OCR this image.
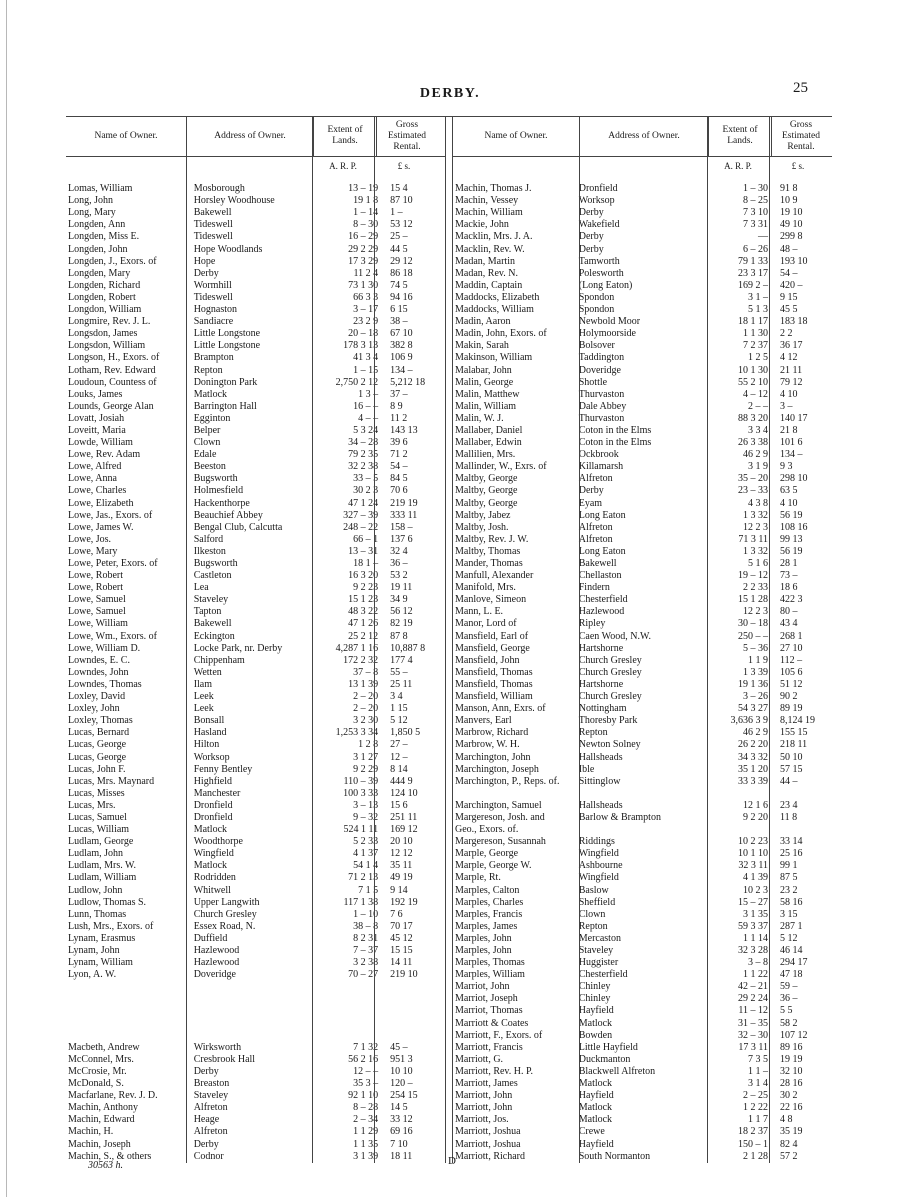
DERBY.	25
Name of Owner.	Address of Owner.
Extent of Lands.
Gross Estimated Rental.
A. R. P.	£ s.
Lomas, William	Mosborough	13 – 19	15 4
Long, John	Horsley Woodhouse	19 1 8	87 10
Long, Mary	Bakewell	1 – 14	1 –
Longden, Ann	Tideswell	8 – 30	53 12
Longden, Miss E.	Tideswell	16 – 29	25 –
Longden, John	Hope Woodlands	29 2 29	44 5
Longden, J., Exors. of	Hope	17 3 29	29 12
Longden, Mary	Derby	11 2 4	86 18
Longden, Richard	Wormhill	73 1 30	74 5
Longden, Robert	Tideswell	66 3 3	94 16
Longdon, William	Hognaston	3 – 17	6 15
Longmire, Rev. J. L.	Sandiacre	23 2 9	38 –
Longsdon, James	Little Longstone	20 – 18	67 10
Longsdon, William	Little Longstone	178 3 13	382 8
Longson, H., Exors. of	Brampton	41 3 4	106 9
Lotham, Rev. Edward	Repton	1 – 15	134 –
Loudoun, Countess of	Donington Park	2,750 2 12	5,212 18
Louks, James	Matlock	1 3 –	37 –
Lounds, George Alan	Barrington Hall	16 – –	8 9
Lovatt, Josiah	Egginton	4 – –	11 2
Loveitt, Maria	Belper	5 3 24	143 13
Lowde, William	Clown	34 – 28	39 6
Lowe, Rev. Adam	Edale	79 2 35	71 2
Lowe, Alfred	Beeston	32 2 38	54 –
Lowe, Anna	Bugsworth	33 – 5	84 5
Lowe, Charles	Holmesfield	30 2 3	70 6
Lowe, Elizabeth	Hackenthorpe	47 1 24	219 19
Lowe, Jas., Exors. of	Beauchief Abbey	327 – 39	333 11
Lowe, James W.	Bengal Club, Calcutta	248 – 22	158 –
Lowe, Jos.	Salford	66 – 1	137 6
Lowe, Mary	Ilkeston	13 – 31	32 4
Lowe, Peter, Exors. of	Bugsworth	18 1 –	36 –
Lowe, Robert	Castleton	16 3 20	53 2
Lowe, Robert	Lea	9 2 23	19 11
Lowe, Samuel	Staveley	15 1 23	34 9
Lowe, Samuel	Tapton	48 3 22	56 12
Lowe, William	Bakewell	47 1 26	82 19
Lowe, Wm., Exors. of	Eckington	25 2 12	87 8
Lowe, William D.	Locke Park, nr. Derby	4,287 1 16	10,887 8
Lowndes, E. C.	Chippenham	172 2 32	177 4
Lowndes, John	Wetten	37 – 8	55 –
Lowndes, Thomas	Ilam	13 1 39	25 11
Loxley, David	Leek	2 – 20	3 4
Loxley, John	Leek	2 – 20	1 15
Loxley, Thomas	Bonsall	3 2 30	5 12
Lucas, Bernard	Hasland	1,253 3 34	1,850 5
Lucas, George	Hilton	1 2 8	27 –
Lucas, George	Worksop	3 1 27	12 –
Lucas, John F.	Fenny Bentley	9 2 29	8 14
Lucas, Mrs. Maynard	Highfield	110 – 39	444 9
Lucas, Misses	Manchester	100 3 33	124 10
Lucas, Mrs.	Dronfield	3 – 13	15 6
Lucas, Samuel	Dronfield	9 – 32	251 11
Lucas, William	Matlock	524 1 11	169 12
Ludlam, George	Woodthorpe	5 2 33	20 10
Ludlam, John	Wingfield	4 1 37	12 12
Ludlam, Mrs. W.	Matlock	54 1 4	35 11
Ludlam, William	Rodridden	71 2 13	49 19
Ludlow, John	Whitwell	7 1 5	9 14
Ludlow, Thomas S.	Upper Langwith	117 1 38	192 19
Lunn, Thomas	Church Gresley	1 – 10	7 6
Lush, Mrs., Exors. of	Essex Road, N.	38 – 8	70 17
Lynam, Erasmus	Duffield	8 2 31	45 12
Lynam, John	Hazlewood	7 – 37	15 15
Lynam, William	Hazlewood	3 2 38	14 11
Lyon, A. W.	Doveridge	70 – 27	219 10
Macbeth, Andrew	Wirksworth	7 1 32	45 –
McConnel, Mrs.	Cresbrook Hall	56 2 16	951 3
McCrosie, Mr.	Derby	12 – –	10 10
McDonald, S.	Breaston	35 3 –	120 –
Macfarlane, Rev. J. D.	Staveley	92 1 10	254 15
Machin, Anthony	Alfreton	8 – 28	14 5
Machin, Edward	Heage	2 – 34	33 12
Machin, H.	Alfreton	1 1 29	69 16
Machin, Joseph	Derby	1 1 35	7 10
Machin, S., & others	Codnor	3 1 39	18 11
Name of Owner.	Address of Owner.
Extent of Lands.
Gross Estimated Rental.
A. R. P.	£ s.
Machin, Thomas J.	Dronfield	1 – 30	91 8
Machin, Vessey	Worksop	8 – 25	10 9
Machin, William	Derby	7 3 10	19 10
Mackie, John	Wakefield	7 3 31	49 10
Macklin, Mrs. J. A.	Derby	—	299 8
Macklin, Rev. W.	Derby	6 – 26	48 –
Madan, Martin	Tamworth	79 1 33	193 10
Madan, Rev. N.	Polesworth	23 3 17	54 –
Maddin, Captain	(Long Eaton)	169 2 –	420 –
Maddocks, Elizabeth	Spondon	3 1 –	9 15
Maddocks, William	Spondon	5 1 3	45 5
Madin, Aaron	Newbold Moor	18 1 17	183 18
Madin, John, Exors. of	Holymoorside	1 1 30	2 2
Makin, Sarah	Bolsover	7 2 37	36 17
Makinson, William	Taddington	1 2 5	4 12
Malabar, John	Doveridge	10 1 30	21 11
Malin, George	Shottle	55 2 10	79 12
Malin, Matthew	Thurvaston	4 – 12	4 10
Malin, William	Dale Abbey	2 – –	3 –
Malin, W. J.	Thurvaston	88 3 20	140 17
Mallaber, Daniel	Coton in the Elms	3 3 4	21 8
Mallaber, Edwin	Coton in the Elms	26 3 38	101 6
Mallilien, Mrs.	Ockbrook	46 2 9	134 –
Mallinder, W., Exrs. of	Killamarsh	3 1 9	9 3
Maltby, George	Alfreton	35 – 20	298 10
Maltby, George	Derby	23 – 33	63 5
Maltby, George	Eyam	4 3 8	4 10
Maltby, Jabez	Long Eaton	1 3 32	56 19
Maltby, Josh.	Alfreton	12 2 3	108 16
Maltby, Rev. J. W.	Alfreton	71 3 11	99 13
Maltby, Thomas	Long Eaton	1 3 32	56 19
Mander, Thomas	Bakewell	5 1 6	28 1
Manfull, Alexander	Chellaston	19 – 12	73 –
Manifold, Mrs.	Findern	2 2 33	18 6
Manlove, Simeon	Chesterfield	15 1 28	422 3
Mann, L. E.	Hazlewood	12 2 3	80 –
Manor, Lord of	Ripley	30 – 18	43 4
Mansfield, Earl of	Caen Wood, N.W.	250 – –	268 1
Mansfield, George	Hartshorne	5 – 36	27 10
Mansfield, John	Church Gresley	1 1 9	112 –
Mansfield, Thomas	Church Gresley	1 3 39	105 6
Mansfield, Thomas	Hartshorne	19 1 36	51 12
Mansfield, William	Church Gresley	3 – 26	90 2
Manson, Ann, Exrs. of	Nottingham	54 3 27	89 19
Manvers, Earl	Thoresby Park	3,636 3 9	8,124 19
Marbrow, Richard	Repton	46 2 9	155 15
Marbrow, W. H.	Newton Solney	26 2 20	218 11
Marchington, John	Hallsheads	34 3 32	50 10
Marchington, Joseph	Ible	35 1 20	57 15
Marchington, P., Reps. of.	Sittinglow	33 3 39	44 –
Marchington, Samuel	Hallsheads	12 1 6	23 4
Margereson, Josh. and	Barlow & Brampton	9 2 20	11 8
Geo., Exors. of.
Margereson, Susannah	Riddings	10 2 23	33 14
Marple, George	Wingfield	10 1 10	25 16
Marple, George W.	Ashbourne	32 3 11	99 1
Marple, Rt.	Wingfield	4 1 39	87 5
Marples, Calton	Baslow	10 2 3	23 2
Marples, Charles	Sheffield	15 – 27	58 16
Marples, Francis	Clown	3 1 35	3 15
Marples, James	Repton	59 3 37	287 1
Marples, John	Mercaston	1 1 14	5 12
Marples, John	Staveley	32 3 28	46 14
Marples, Thomas	Huggister	3 – 8	294 17
Marples, William	Chesterfield	1 1 22	47 18
Marriot, John	Chinley	42 – 21	59 –
Marriot, Joseph	Chinley	29 2 24	36 –
Marriot, Thomas	Hayfield	11 – 12	5 5
Marriott & Coates	Matlock	31 – 35	58 2
Marriott, F., Exors. of	Bowden	32 – 30	107 12
Marriott, Francis	Little Hayfield	17 3 11	89 16
Marriott, G.	Duckmanton	7 3 5	19 19
Marriott, Rev. H. P.	Blackwell Alfreton	1 1 –	32 10
Marriott, James	Matlock	3 1 4	28 16
Marriott, John	Hayfield	2 – 25	30 2
Marriott, John	Matlock	1 2 22	22 16
Marriott, Jos.	Matlock	1 1 7	4 8
Marriott, Joshua	Crewe	18 2 37	35 19
Marriott, Joshua	Hayfield	150 – 1	82 4
Marriott, Richard	South Normanton	2 1 28	57 2
30563 h.	D
